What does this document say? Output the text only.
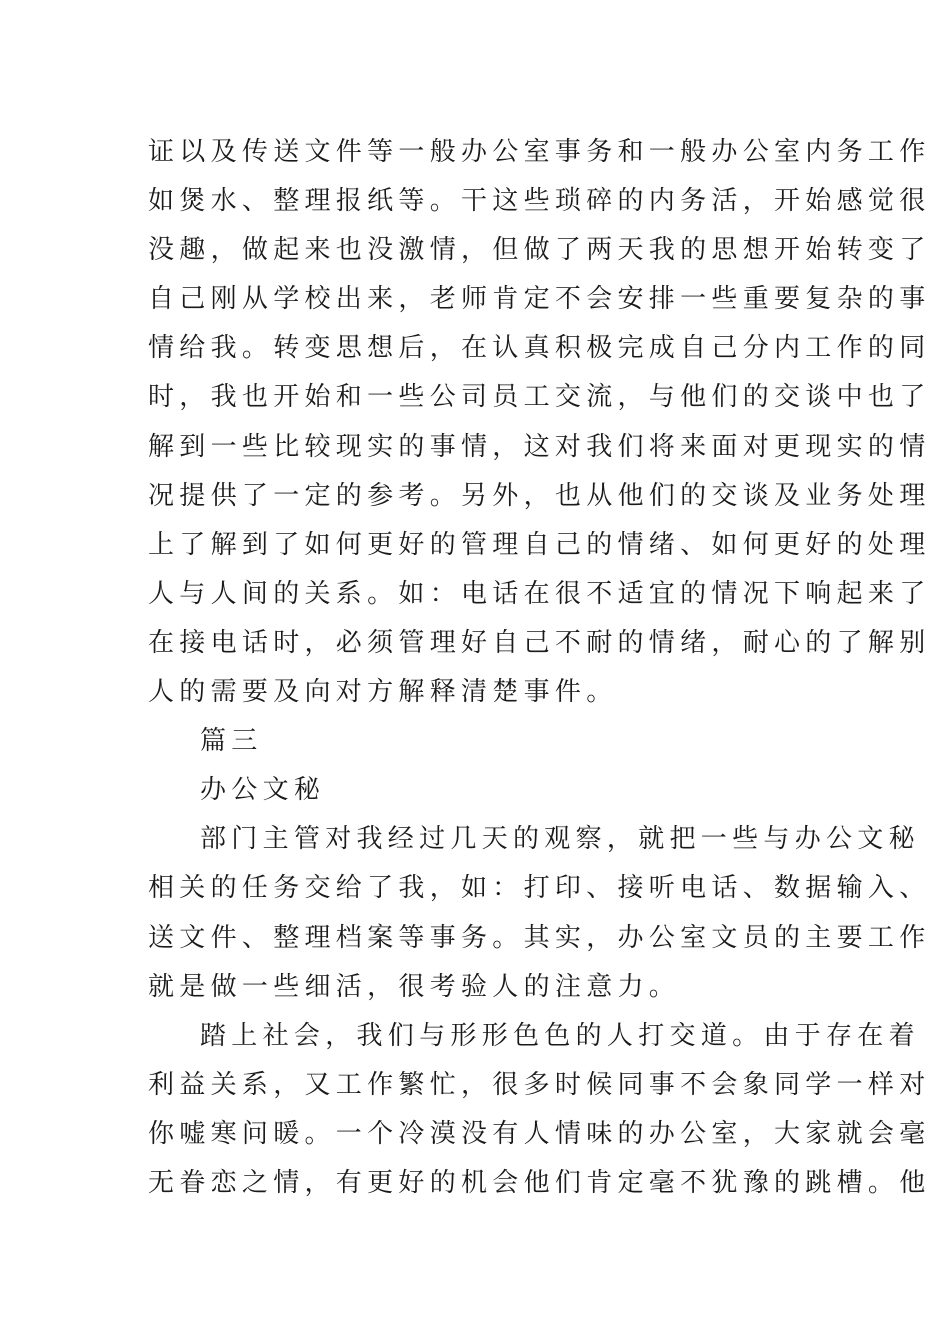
证以及传送文件等一般办公室事务和一般办公室内务工作
如煲水、整理报纸等。干这些琐碎的内务活，开始感觉很
没趣，做起来也没激情，但做了两天我的思想开始转变了
自己刚从学校出来，老师肯定不会安排一些重要复杂的事
情给我。转变思想后，在认真积极完成自己分内工作的同
时，我也开始和一些公司员工交流，与他们的交谈中也了
解到一些比较现实的事情，这对我们将来面对更现实的情
况提供了一定的参考。另外，也从他们的交谈及业务处理
上了解到了如何更好的管理自己的情绪、如何更好的处理
人与人间的关系。如：电话在很不适宜的情况下响起来了
在接电话时，必须管理好自己不耐的情绪，耐心的了解别
人的需要及向对方解释清楚事件。
篇三
办公文秘
部门主管对我经过几天的观察，就把一些与办公文秘
相关的任务交给了我，如：打印、接听电话、数据输入、
送文件、整理档案等事务。其实，办公室文员的主要工作
就是做一些细活，很考验人的注意力。
踏上社会，我们与形形色色的人打交道。由于存在着
利益关系，又工作繁忙，很多时候同事不会象同学一样对
你嘘寒问暖。一个冷漠没有人情味的办公室，大家就会毫
无眷恋之情，有更好的机会他们肯定毫不犹豫的跳槽。他
